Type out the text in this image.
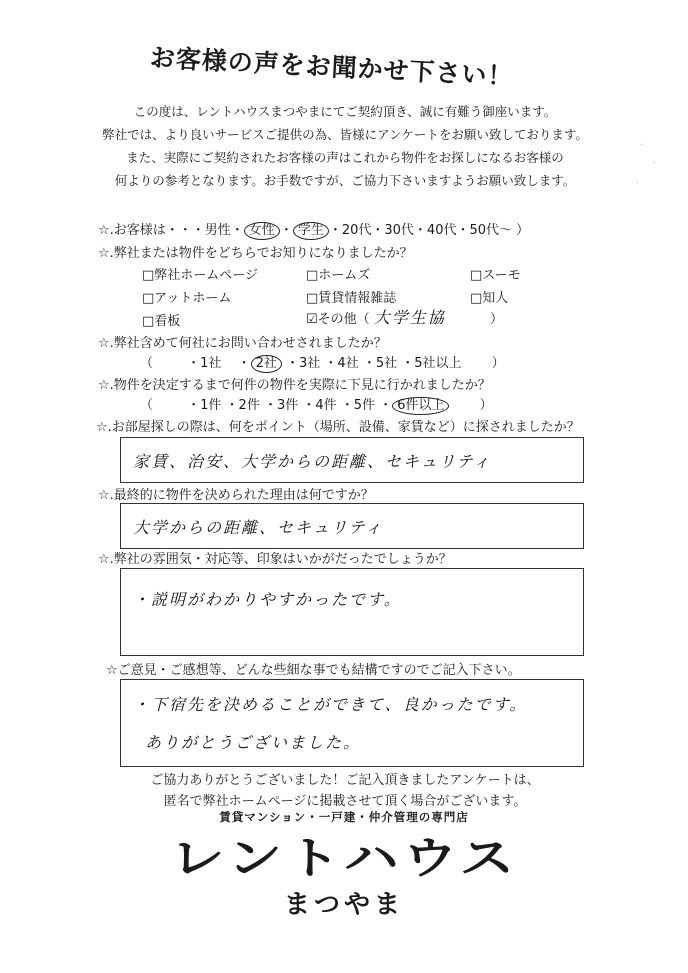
お客様の声をお聞かせ下さい！
この度は、レントハウスまつやまにてご契約頂き、誠に有難う御座います。
弊社では、より良いサービスご提供の為、皆様にアンケートをお願い致しております。
また、実際にご契約されたお客様の声はこれから物件をお探しになるお客様の
何よりの参考となります。お手数ですが、ご協力下さいますようお願い致します。
☆.お客様は・・・男性・ 女性 ・ 学生 ・20代・30代・40代・50代～ ）
☆.弊社または物件をどちらでお知りになりましたか？
□弊社ホームページ	□ホームズ	□スーモ
□アットホーム	□賃貸情報雑誌	□知人
□看板	☑その他（ 大学生協	）
☆.弊社含めて何社にお問い合わせされましたか？
（	・1社 ・ 2社 ・3社 ・4社 ・5社 ・5社以上 ）
☆.物件を決定するまで何件の物件を実際に下見に行かれましたか？
（	・1件 ・2件 ・3件 ・4件 ・5件 ・ 6件以上	）
☆.お部屋探しの際は、何をポイント（場所、設備、家賃など）に探されましたか？
家賃、治安、大学からの距離、セキュリティ
☆.最終的に物件を決められた理由は何ですか？
大学からの距離、セキュリティ
☆.弊社の雰囲気・対応等、印象はいかがだったでしょうか？
・説明がわかりやすかったです。
☆ご意見・ご感想等、どんな些細な事でも結構ですのでご記入下さい。
・下宿先を決めることができて、良かったです。
ありがとうございました。
ご協力ありがとうございました！ご記入頂きましたアンケートは、
匿名で弊社ホームページに掲載させて頂く場合がございます。
賃貸マンション・一戸建・仲介管理の専門店
レントハウス
まつやま
·
·
·
